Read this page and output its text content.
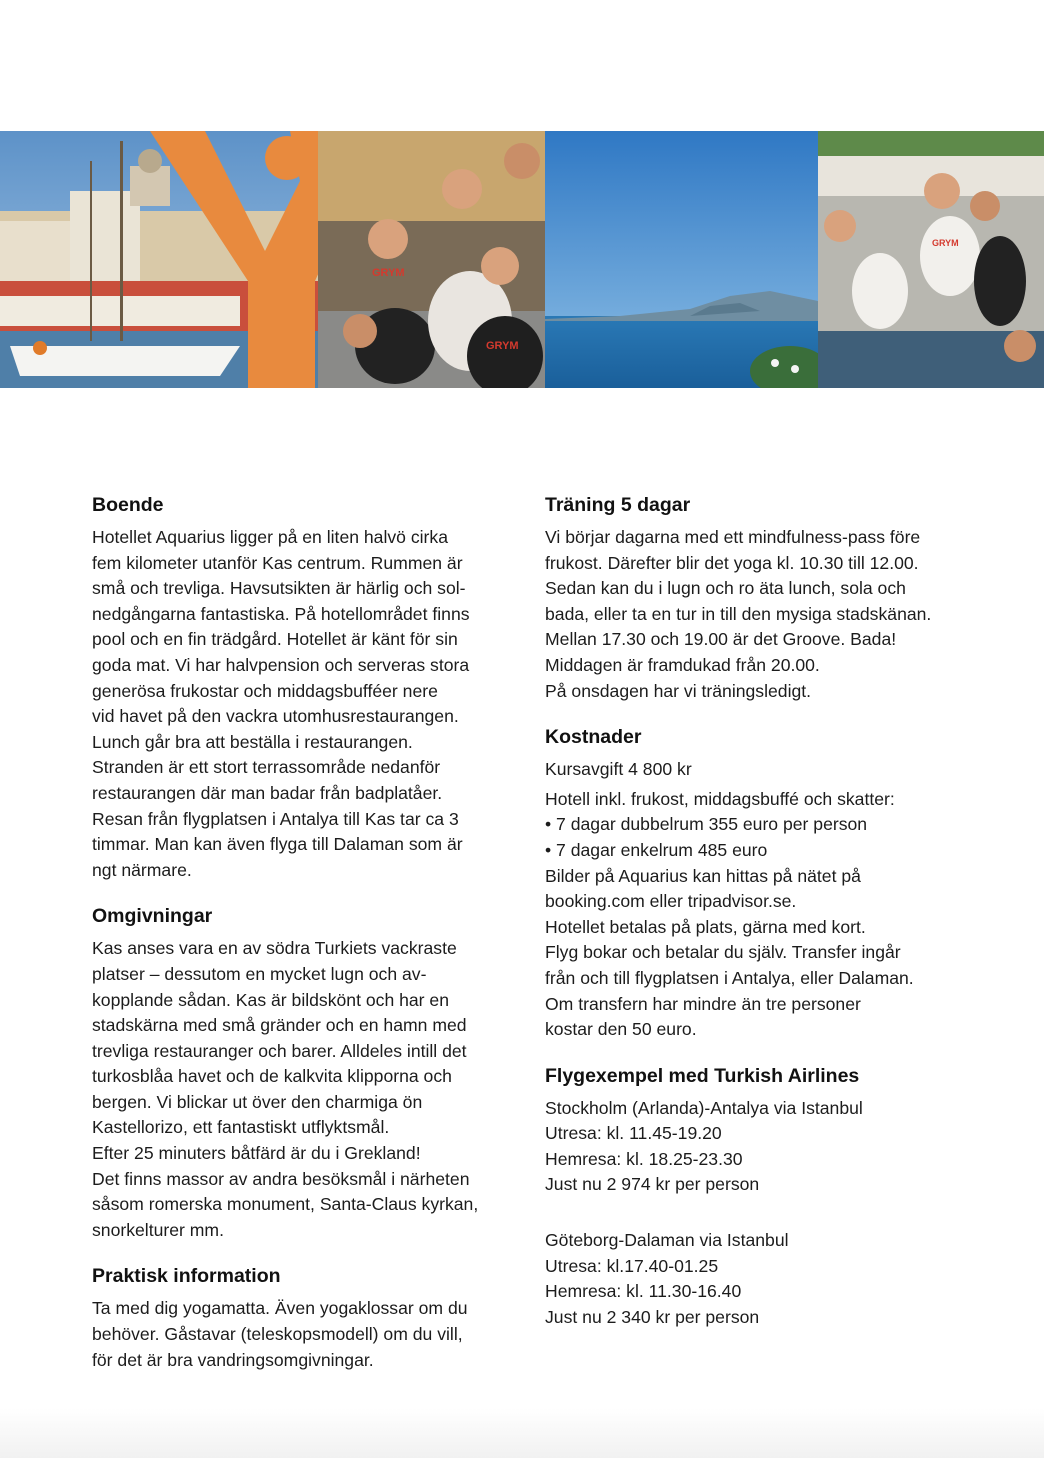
GRYM
GRYM
GRYM
Boende
Hotellet Aquarius ligger på en liten halvö cirka
fem kilometer utanför Kas centrum. Rummen är
små och trevliga. Havsutsikten är härlig och sol-
nedgångarna fantastiska. På hotellområdet finns
pool och en fin trädgård. Hotellet är känt för sin
goda mat. Vi har halvpension och serveras stora
generösa frukostar och middagsbufféer nere
vid havet på den vackra utomhusrestaurangen.
Lunch går bra att beställa i restaurangen.
Stranden är ett stort terrassområde nedanför
restaurangen där man badar från badplatåer.
Resan från flygplatsen i Antalya till Kas tar ca 3
timmar. Man kan även flyga till Dalaman som är
ngt närmare.
Omgivningar
Kas anses vara en av södra Turkiets vackraste
platser – dessutom en mycket lugn och av-
kopplande sådan. Kas är bildskönt och har en
stadskärna med små gränder och en hamn med
trevliga restauranger och barer. Alldeles intill det
turkosblåa havet och de kalkvita klipporna och
bergen. Vi blickar ut över den charmiga ön
Kastellorizo, ett fantastiskt utflyktsmål.
Efter 25 minuters båtfärd är du i Grekland!
Det finns massor av andra besöksmål i närheten
såsom romerska monument, Santa-Claus kyrkan,
snorkelturer mm.
Praktisk information
Ta med dig yogamatta. Även yogaklossar om du
behöver. Gåstavar (teleskopsmodell) om du vill,
för det är bra vandringsomgivningar.
Träning 5 dagar
Vi börjar dagarna med ett mindfulness-pass före
frukost. Därefter blir det yoga kl. 10.30 till 12.00.
Sedan kan du i lugn och ro äta lunch, sola och
bada, eller ta en tur in till den mysiga stadskänan.
Mellan 17.30 och 19.00 är det Groove. Bada!
Middagen är framdukad från 20.00.
På onsdagen har vi träningsledigt.
Kostnader
Kursavgift 4 800 kr
Hotell inkl. frukost, middagsbuffé och skatter:
• 7 dagar dubbelrum 355 euro per person
• 7 dagar enkelrum 485 euro
Bilder på Aquarius kan hittas på nätet på
booking.com eller tripadvisor.se.
Hotellet betalas på plats, gärna med kort.
Flyg bokar och betalar du själv. Transfer ingår
från och till flygplatsen i Antalya, eller Dalaman.
Om transfern har mindre än tre personer
kostar den 50 euro.
Flygexempel med Turkish Airlines
Stockholm (Arlanda)-Antalya via Istanbul
Utresa: kl. 11.45-19.20
Hemresa: kl. 18.25-23.30
Just nu 2 974 kr per person
Göteborg-Dalaman via Istanbul
Utresa: kl.17.40-01.25
Hemresa: kl. 11.30-16.40
Just nu 2 340 kr per person
